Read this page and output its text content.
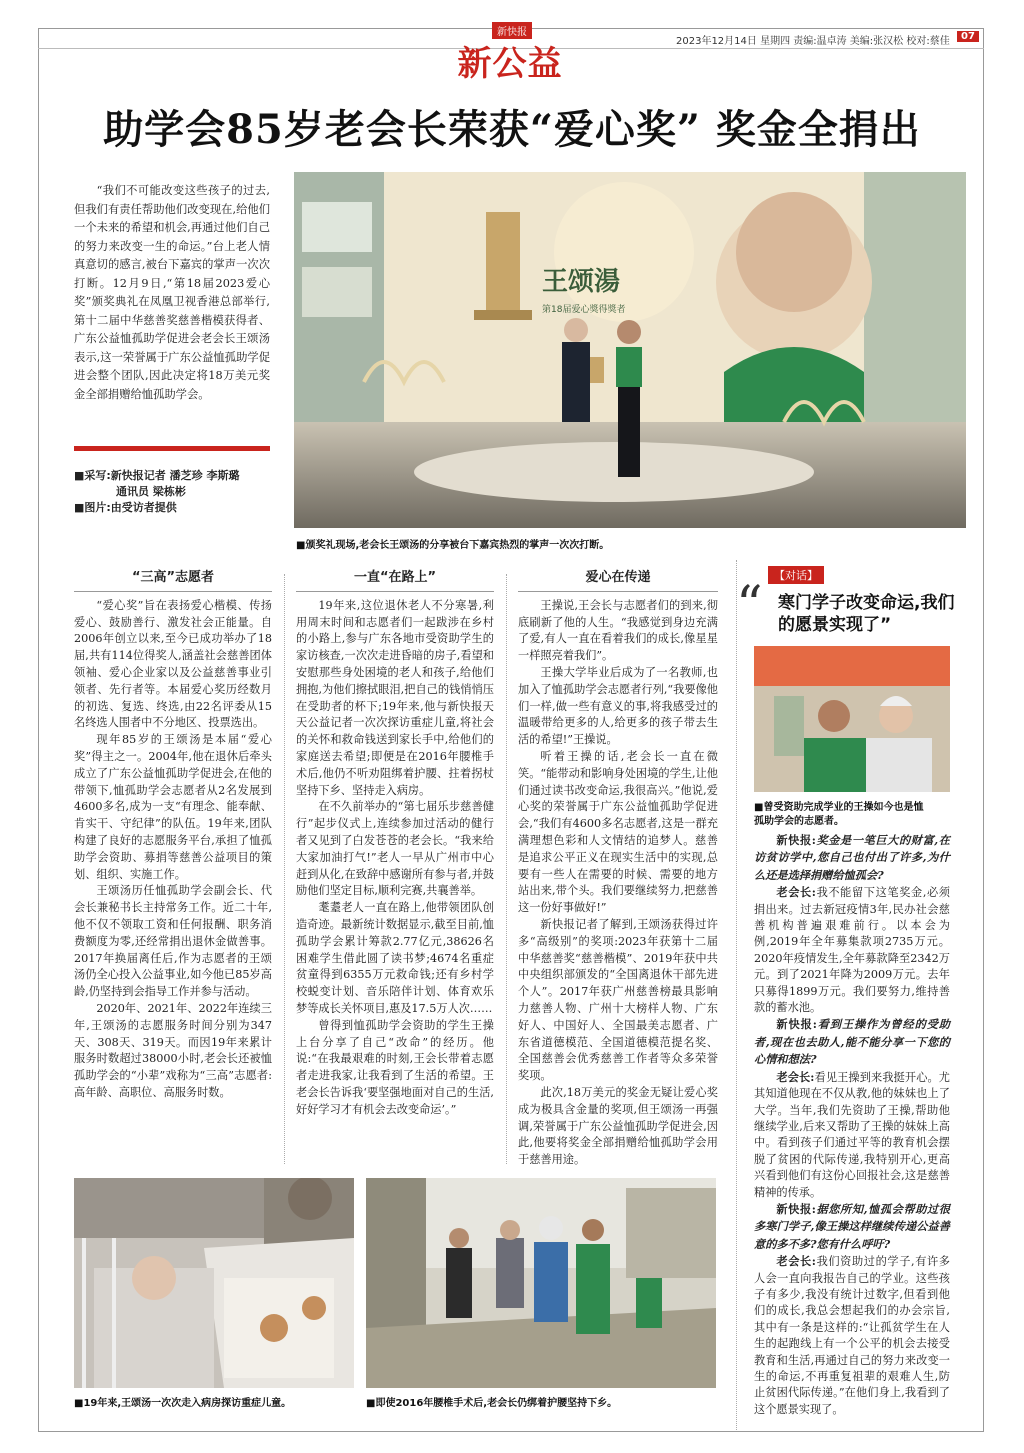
新快报
新公益
2023年12月14日 星期四 责编:温卓涛 美编:张汉松 校对:蔡佳	07
助学会85岁老会长荣获“爱心奖” 奖金全捐出
“我们不可能改变这些孩子的过去,但我们有责任帮助他们改变现在,给他们一个未来的希望和机会,再通过他们自己的努力来改变一生的命运。”台上老人情真意切的感言,被台下嘉宾的掌声一次次打断。12月9日,“第18届2023爱心奖”颁奖典礼在凤凰卫视香港总部举行,第十二届中华慈善奖慈善楷模获得者、广东公益恤孤助学促进会老会长王颂汤表示,这一荣誉属于广东公益恤孤助学促进会整个团队,因此决定将18万美元奖金全部捐赠给恤孤助学会。
■采写:新快报记者 潘芝珍 李斯璐
通讯员 梁栋彬
■图片:由受访者提供
王颂湯
第18届爱心獎得獎者
■颁奖礼现场,老会长王颂汤的分享被台下嘉宾热烈的掌声一次次打断。
“三高”志愿者

“爱心奖”旨在表扬爱心楷模、传扬爱心、鼓励善行、激发社会正能量。自2006年创立以来,至今已成功举办了18届,共有114位得奖人,涵盖社会慈善团体领袖、爱心企业家以及公益慈善事业引领者、先行者等。本届爱心奖历经数月的初选、复选、终选,由22名评委从15名终选人围者中不分地区、投票选出。

现年85岁的王颂汤是本届“爱心奖”得主之一。2004年,他在退休后牵头成立了广东公益恤孤助学促进会,在他的带领下,恤孤助学会志愿者从2名发展到4600多名,成为一支“有理念、能奉献、肯实干、守纪律”的队伍。19年来,团队构建了良好的志愿服务平台,承担了恤孤助学会资助、募捐等慈善公益项目的策划、组织、实施工作。

王颂汤历任恤孤助学会副会长、代会长兼秘书长主持常务工作。近二十年,他不仅不领取工资和任何报酬、职务消费额度为零,还经常捐出退休金做善事。2017年换届离任后,作为志愿者的王颂汤仍全心投入公益事业,如今他已85岁高龄,仍坚持到会指导工作并参与活动。

2020年、2021年、2022年连续三年,王颂汤的志愿服务时间分别为347天、308天、319天。而因19年来累计服务时数超过38000小时,老会长还被恤孤助学会的“小辈”戏称为“三高”志愿者:高年龄、高职位、高服务时数。

一直“在路上”

19年来,这位退休老人不分寒暑,利用周末时间和志愿者们一起跋涉在乡村的小路上,参与广东各地市受资助学生的家访核查,一次次走进昏暗的房子,看望和安慰那些身处困境的老人和孩子,给他们拥抱,为他们擦拭眼泪,把自己的钱悄悄压在受助者的杯下;19年来,他与新快报天天公益记者一次次探访重症儿童,将社会的关怀和救命钱送到家长手中,给他们的家庭送去希望;即便是在2016年腰椎手术后,他仍不听劝阻绑着护腰、拄着拐杖坚持下乡、坚持走入病房。

在不久前举办的“第七届乐步慈善健行”起步仪式上,连续参加过活动的健行者又见到了白发苍苍的老会长。“我来给大家加油打气!”老人一早从广州市中心赶到从化,在致辞中感谢所有参与者,并鼓励他们坚定目标,顺利完赛,共襄善举。

耄耋老人一直在路上,他带领团队创造奇迹。最新统计数据显示,截至目前,恤孤助学会累计筹款2.77亿元,38626名困难学生借此圆了读书梦;4674名重症贫童得到6355万元救命钱;还有乡村学校蜕变计划、音乐陪伴计划、体育欢乐梦等成长关怀项目,惠及17.5万人次……

曾得到恤孤助学会资助的学生王操上台分享了自己“改命”的经历。他说:“在我最艰难的时刻,王会长带着志愿者走进我家,让我看到了生活的希望。王老会长告诉我‘要坚强地面对自己的生活,好好学习才有机会去改变命运’。”

爱心在传递

王操说,王会长与志愿者们的到来,彻底刷新了他的人生。“我感觉到身边充满了爱,有人一直在看着我们的成长,像星星一样照亮着我们”。

王操大学毕业后成为了一名教师,也加入了恤孤助学会志愿者行列,“我要像他们一样,做一些有意义的事,将我感受过的温暖带给更多的人,给更多的孩子带去生活的希望!”王操说。

听着王操的话,老会长一直在微笑。“能带动和影响身处困境的学生,让他们通过读书改变命运,我很高兴。”他说,爱心奖的荣誉属于广东公益恤孤助学促进会,“我们有4600多名志愿者,这是一群充满理想色彩和人文情结的追梦人。慈善是追求公平正义在现实生活中的实现,总要有一些人在需要的时候、需要的地方站出来,带个头。我们要继续努力,把慈善这一份好事做好!”

新快报记者了解到,王颂汤获得过许多“高级别”的奖项:2023年获第十二届中华慈善奖“慈善楷模”、2019年获中共中央组织部颁发的“全国离退休干部先进个人”。2017年获广州慈善榜最具影响力慈善人物、广州十大榜样人物、广东好人、中国好人、全国最美志愿者、广东省道德模范、全国道德模范提名奖、全国慈善会优秀慈善工作者等众多荣誉奖项。

此次,18万美元的奖金无疑让爱心奖成为极具含金量的奖项,但王颂汤一再强调,荣誉属于广东公益恤孤助学促进会,因此,他要将奖金全部捐赠给恤孤助学会用于慈善用途。

【对话】
“ 寒门学子改变命运,我们的愿景实现了”
■曾受资助完成学业的王操如今也是恤
孤助学会的志愿者。

新快报:奖金是一笔巨大的财富,在访贫访学中,您自己也付出了许多,为什么还是选择捐赠给恤孤会?

老会长:我不能留下这笔奖金,必须捐出来。过去新冠疫情3年,民办社会慈善机构普遍艰难前行。以本会为例,2019年全年募集款项2735万元。2020年疫情发生,全年募款降至2342万元。到了2021年降为2009万元。去年只募得1899万元。我们要努力,维持善款的蓄水池。

新快报:看到王操作为曾经的受助者,现在也去助人,能不能分享一下您的心情和想法?

老会长:看见王操到来我挺开心。尤其知道他现在不仅从教,他的妹妹也上了大学。当年,我们先资助了王操,帮助他继续学业,后来又帮助了王操的妹妹上高中。看到孩子们通过平等的教育机会摆脱了贫困的代际传递,我特别开心,更高兴看到他们有这份心回报社会,这是慈善精神的传承。

新快报:据您所知,恤孤会帮助过很多寒门学子,像王操这样继续传递公益善意的多不多?您有什么呼吁?

老会长:我们资助过的学子,有许多人会一直向我报告自己的学业。这些孩子有多少,我没有统计过数字,但看到他们的成长,我总会想起我们的办会宗旨,其中有一条是这样的:“让孤贫学生在人生的起跑线上有一个公平的机会去接受教育和生活,再通过自己的努力来改变一生的命运,不再重复祖辈的艰难人生,防止贫困代际传递。”在他们身上,我看到了这个愿景实现了。

■19年来,王颂汤一次次走入病房探访重症儿童。	■即使2016年腰椎手术后,老会长仍绑着护腰坚持下乡。
